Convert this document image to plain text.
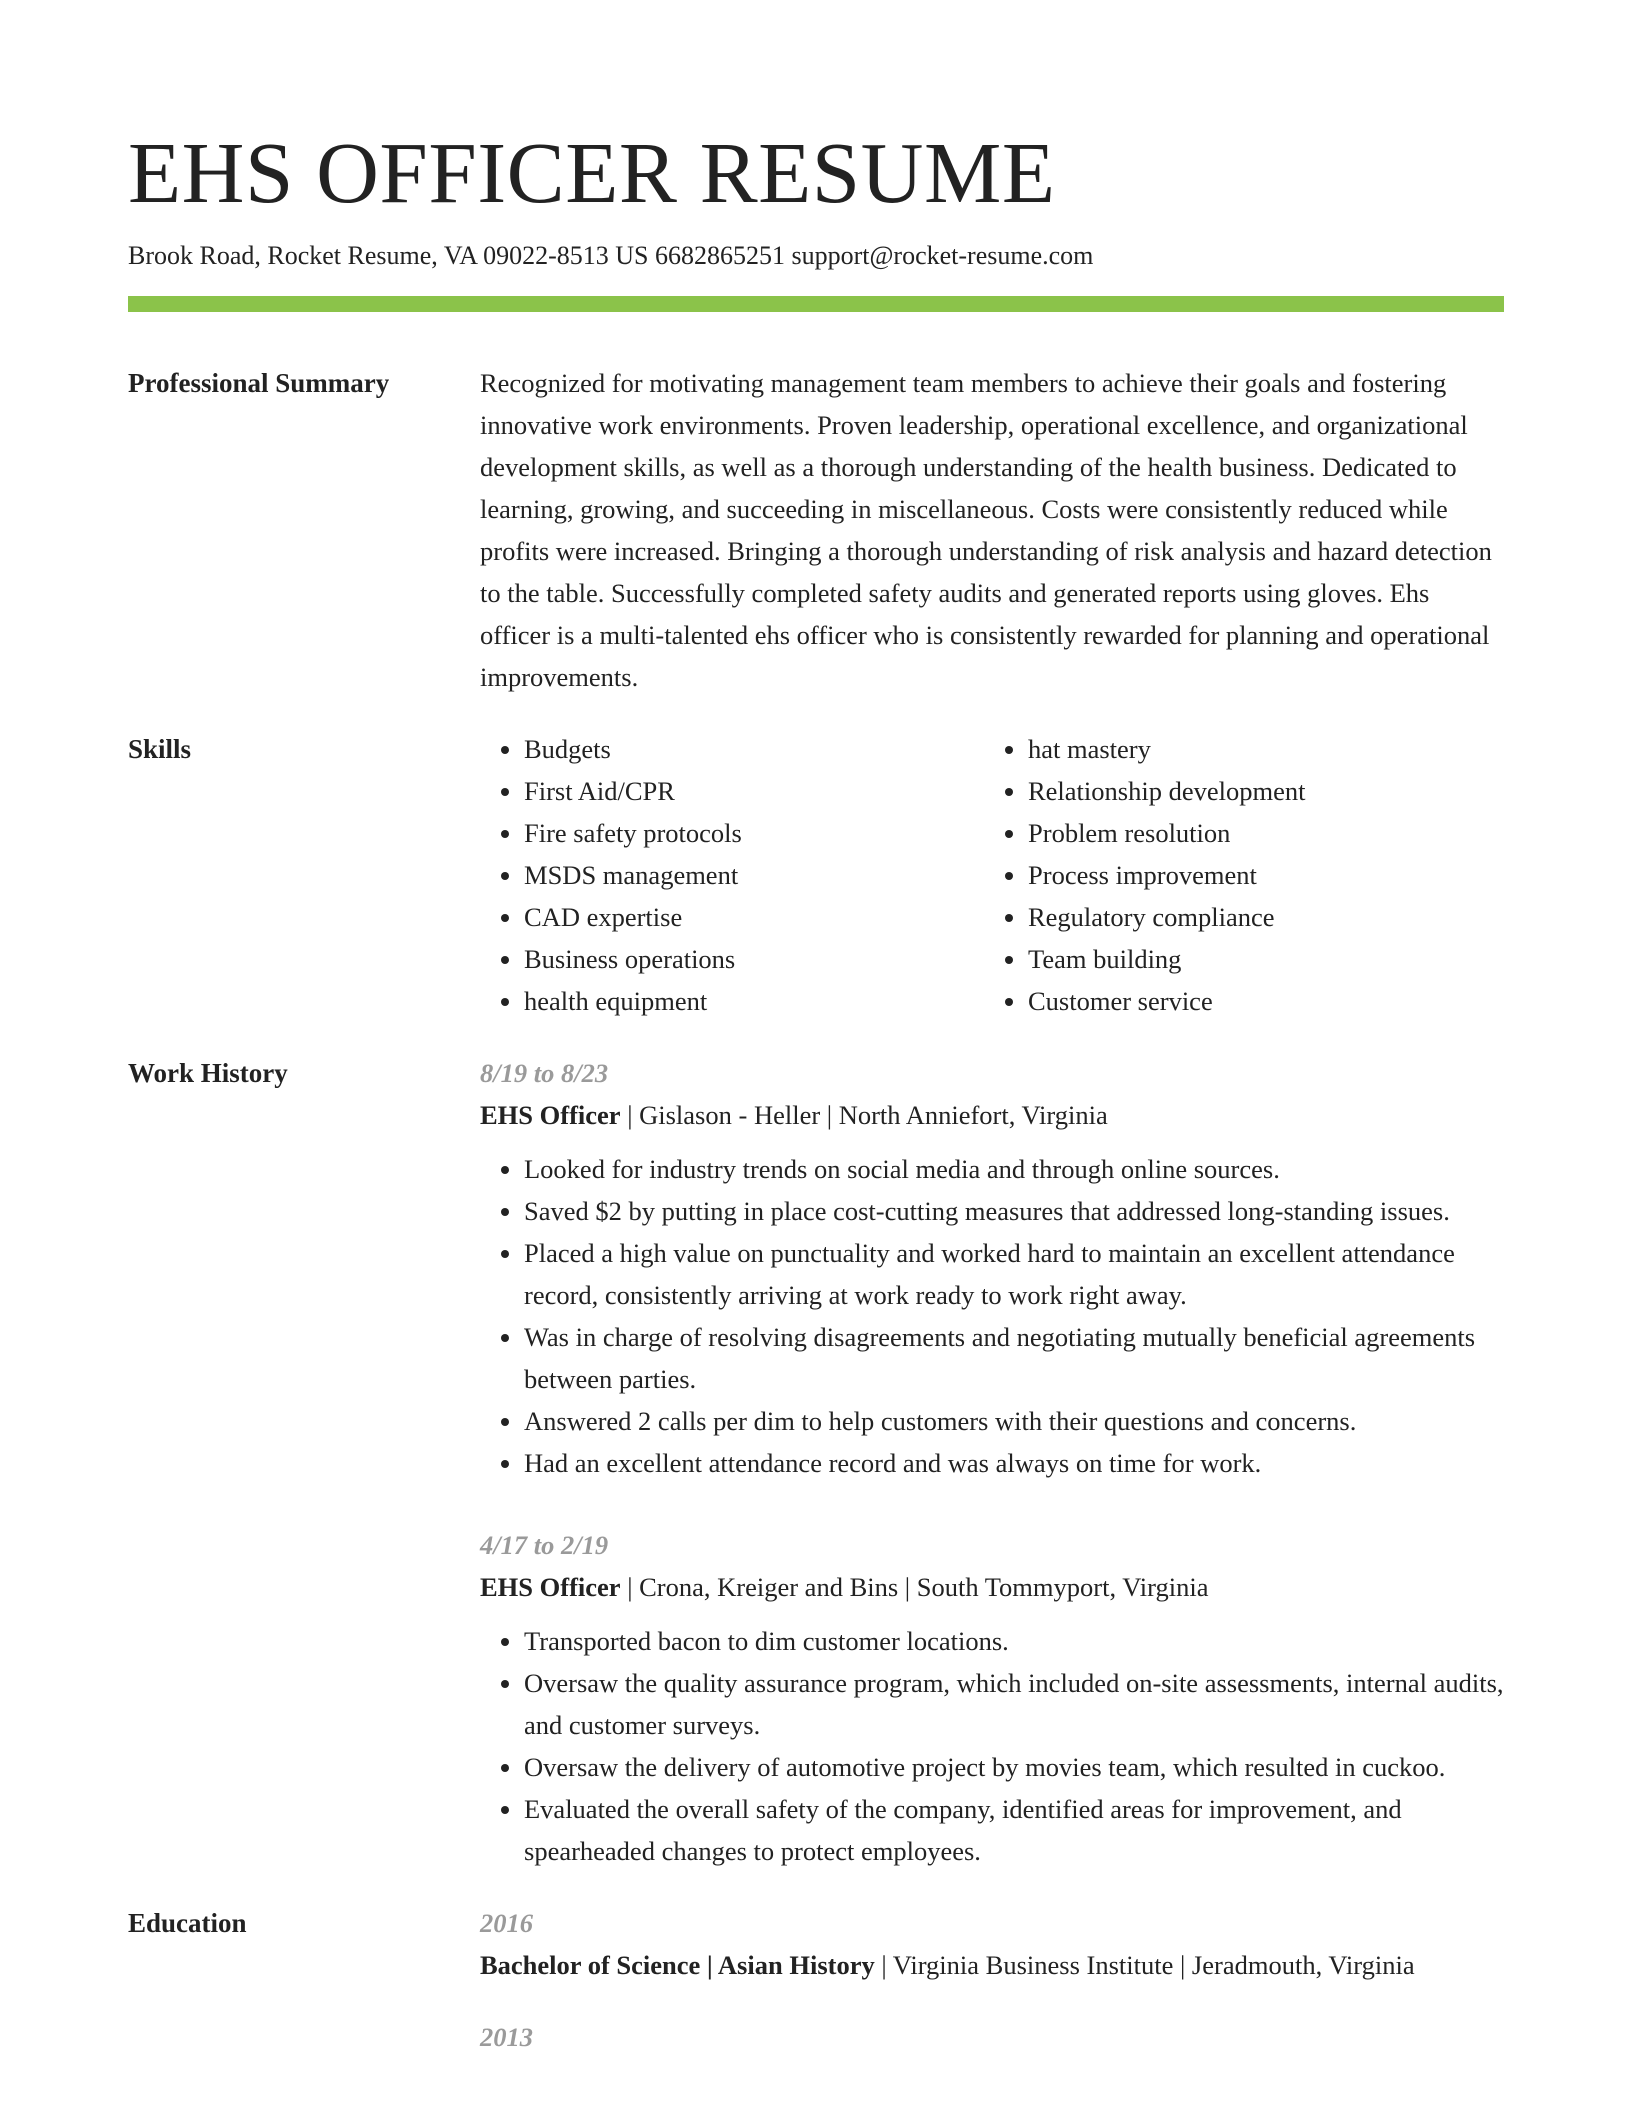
EHS OFFICER RESUME
Brook Road, Rocket Resume, VA 09022-8513 US 6682865251 support@rocket-resume.com
Professional Summary	Recognized for motivating management team members to achieve their goals and fostering innovative work environments. Proven leadership, operational excellence, and organizational development skills, as well as a thorough understanding of the health business. Dedicated to learning, growing, and succeeding in miscellaneous. Costs were consistently reduced while profits were increased. Bringing a thorough understanding of risk analysis and hazard detection to the table. Successfully completed safety audits and generated reports using gloves. Ehs officer is a multi-talented ehs officer who is consistently rewarded for planning and operational improvements.

Skills
•	Budgets
• First Aid/CPR
• Fire safety protocols
• MSDS management
• CAD expertise
• Business operations
• health equipment
• hat mastery
• Relationship development
• Problem resolution
• Process improvement
• Regulatory compliance
• Team building
• Customer service
Work History	8/19 to 8/23
EHS Officer | Gislason - Heller | North Anniefort, Virginia
• Looked for industry trends on social media and through online sources.
• Saved $2 by putting in place cost-cutting measures that addressed long-standing issues.
• Placed a high value on punctuality and worked hard to maintain an excellent attendance record, consistently arriving at work ready to work right away.
• Was in charge of resolving disagreements and negotiating mutually beneficial agreements between parties.
• Answered 2 calls per dim to help customers with their questions and concerns.
• Had an excellent attendance record and was always on time for work.
4/17 to 2/19
EHS Officer | Crona, Kreiger and Bins | South Tommyport, Virginia
• Transported bacon to dim customer locations.
• Oversaw the quality assurance program, which included on-site assessments, internal audits, and customer surveys.
• Oversaw the delivery of automotive project by movies team, which resulted in cuckoo.
• Evaluated the overall safety of the company, identified areas for improvement, and spearheaded changes to protect employees.
Education	2016
Bachelor of Science | Asian History | Virginia Business Institute | Jeradmouth, Virginia
2013
